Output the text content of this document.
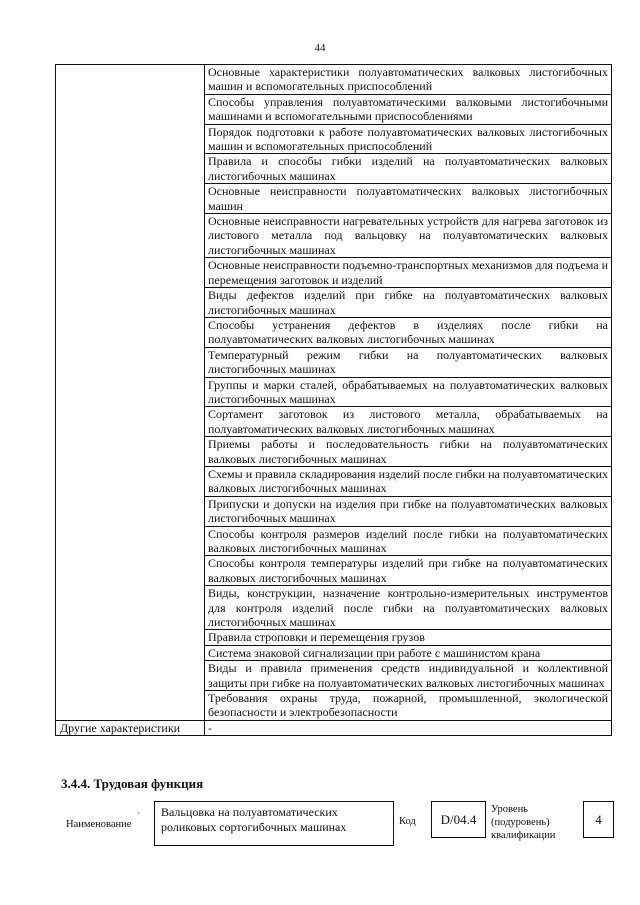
44
	Основные характеристики полуавтоматических валковых листогибочных машин и вспомогательных приспособлений
	Способы управления полуавтоматическими валковыми листогибочными машинами и вспомогательными приспособлениями
	Порядок подготовки к работе полуавтоматических валковых листогибочных машин и вспомогательных приспособлений
	Правила и способы гибки изделий на полуавтоматических валковых листогибочных машинах
	Основные неисправности полуавтоматических валковых листогибочных машин
	Основные неисправности нагревательных устройств для нагрева заготовок из листового металла под вальцовку на полуавтоматических валковых листогибочных машинах
	Основные неисправности подъемно-транспортных механизмов для подъема и перемещения заготовок и изделий
	Виды дефектов изделий при гибке на полуавтоматических валковых листогибочных машинах
	Способы устранения дефектов в изделиях после гибки на полуавтоматических валковых листогибочных машинах
	Температурный режим гибки на полуавтоматических валковых листогибочных машинах
	Группы и марки сталей, обрабатываемых на полуавтоматических валковых листогибочных машинах
	Сортамент заготовок из листового металла, обрабатываемых на полуавтоматических валковых листогибочных машинах
	Приемы работы и последовательность гибки на полуавтоматических валковых листогибочных машинах
	Схемы и правила складирования изделий после гибки на полуавтоматических валковых листогибочных машинах
	Припуски и допуски на изделия при гибке на полуавтоматических валковых листогибочных машинах
	Способы контроля размеров изделий после гибки на полуавтоматических валковых листогибочных машинах
	Способы контроля температуры изделий при гибке на полуавтоматических валковых листогибочных машинах
	Виды, конструкции, назначение контрольно-измерительных инструментов для контроля изделий после гибки на полуавтоматических валковых листогибочных машинах
	Правила строповки и перемещения грузов
	Система знаковой сигнализации при работе с машинистом крана
	Виды и правила применения средств индивидуальной и коллективной защиты при гибке на полуавтоматических валковых листогибочных машинах
	Требования охраны труда, пожарной, промышленной, экологической безопасности и электробезопасности
Другие характеристики	-
3.4.4. Трудовая функция
`
Наименование
Вальцовка на полуавтоматических роликовых сортогибочных машинах	Код D/04.4
Уровень (подуровень) квалификации
4
